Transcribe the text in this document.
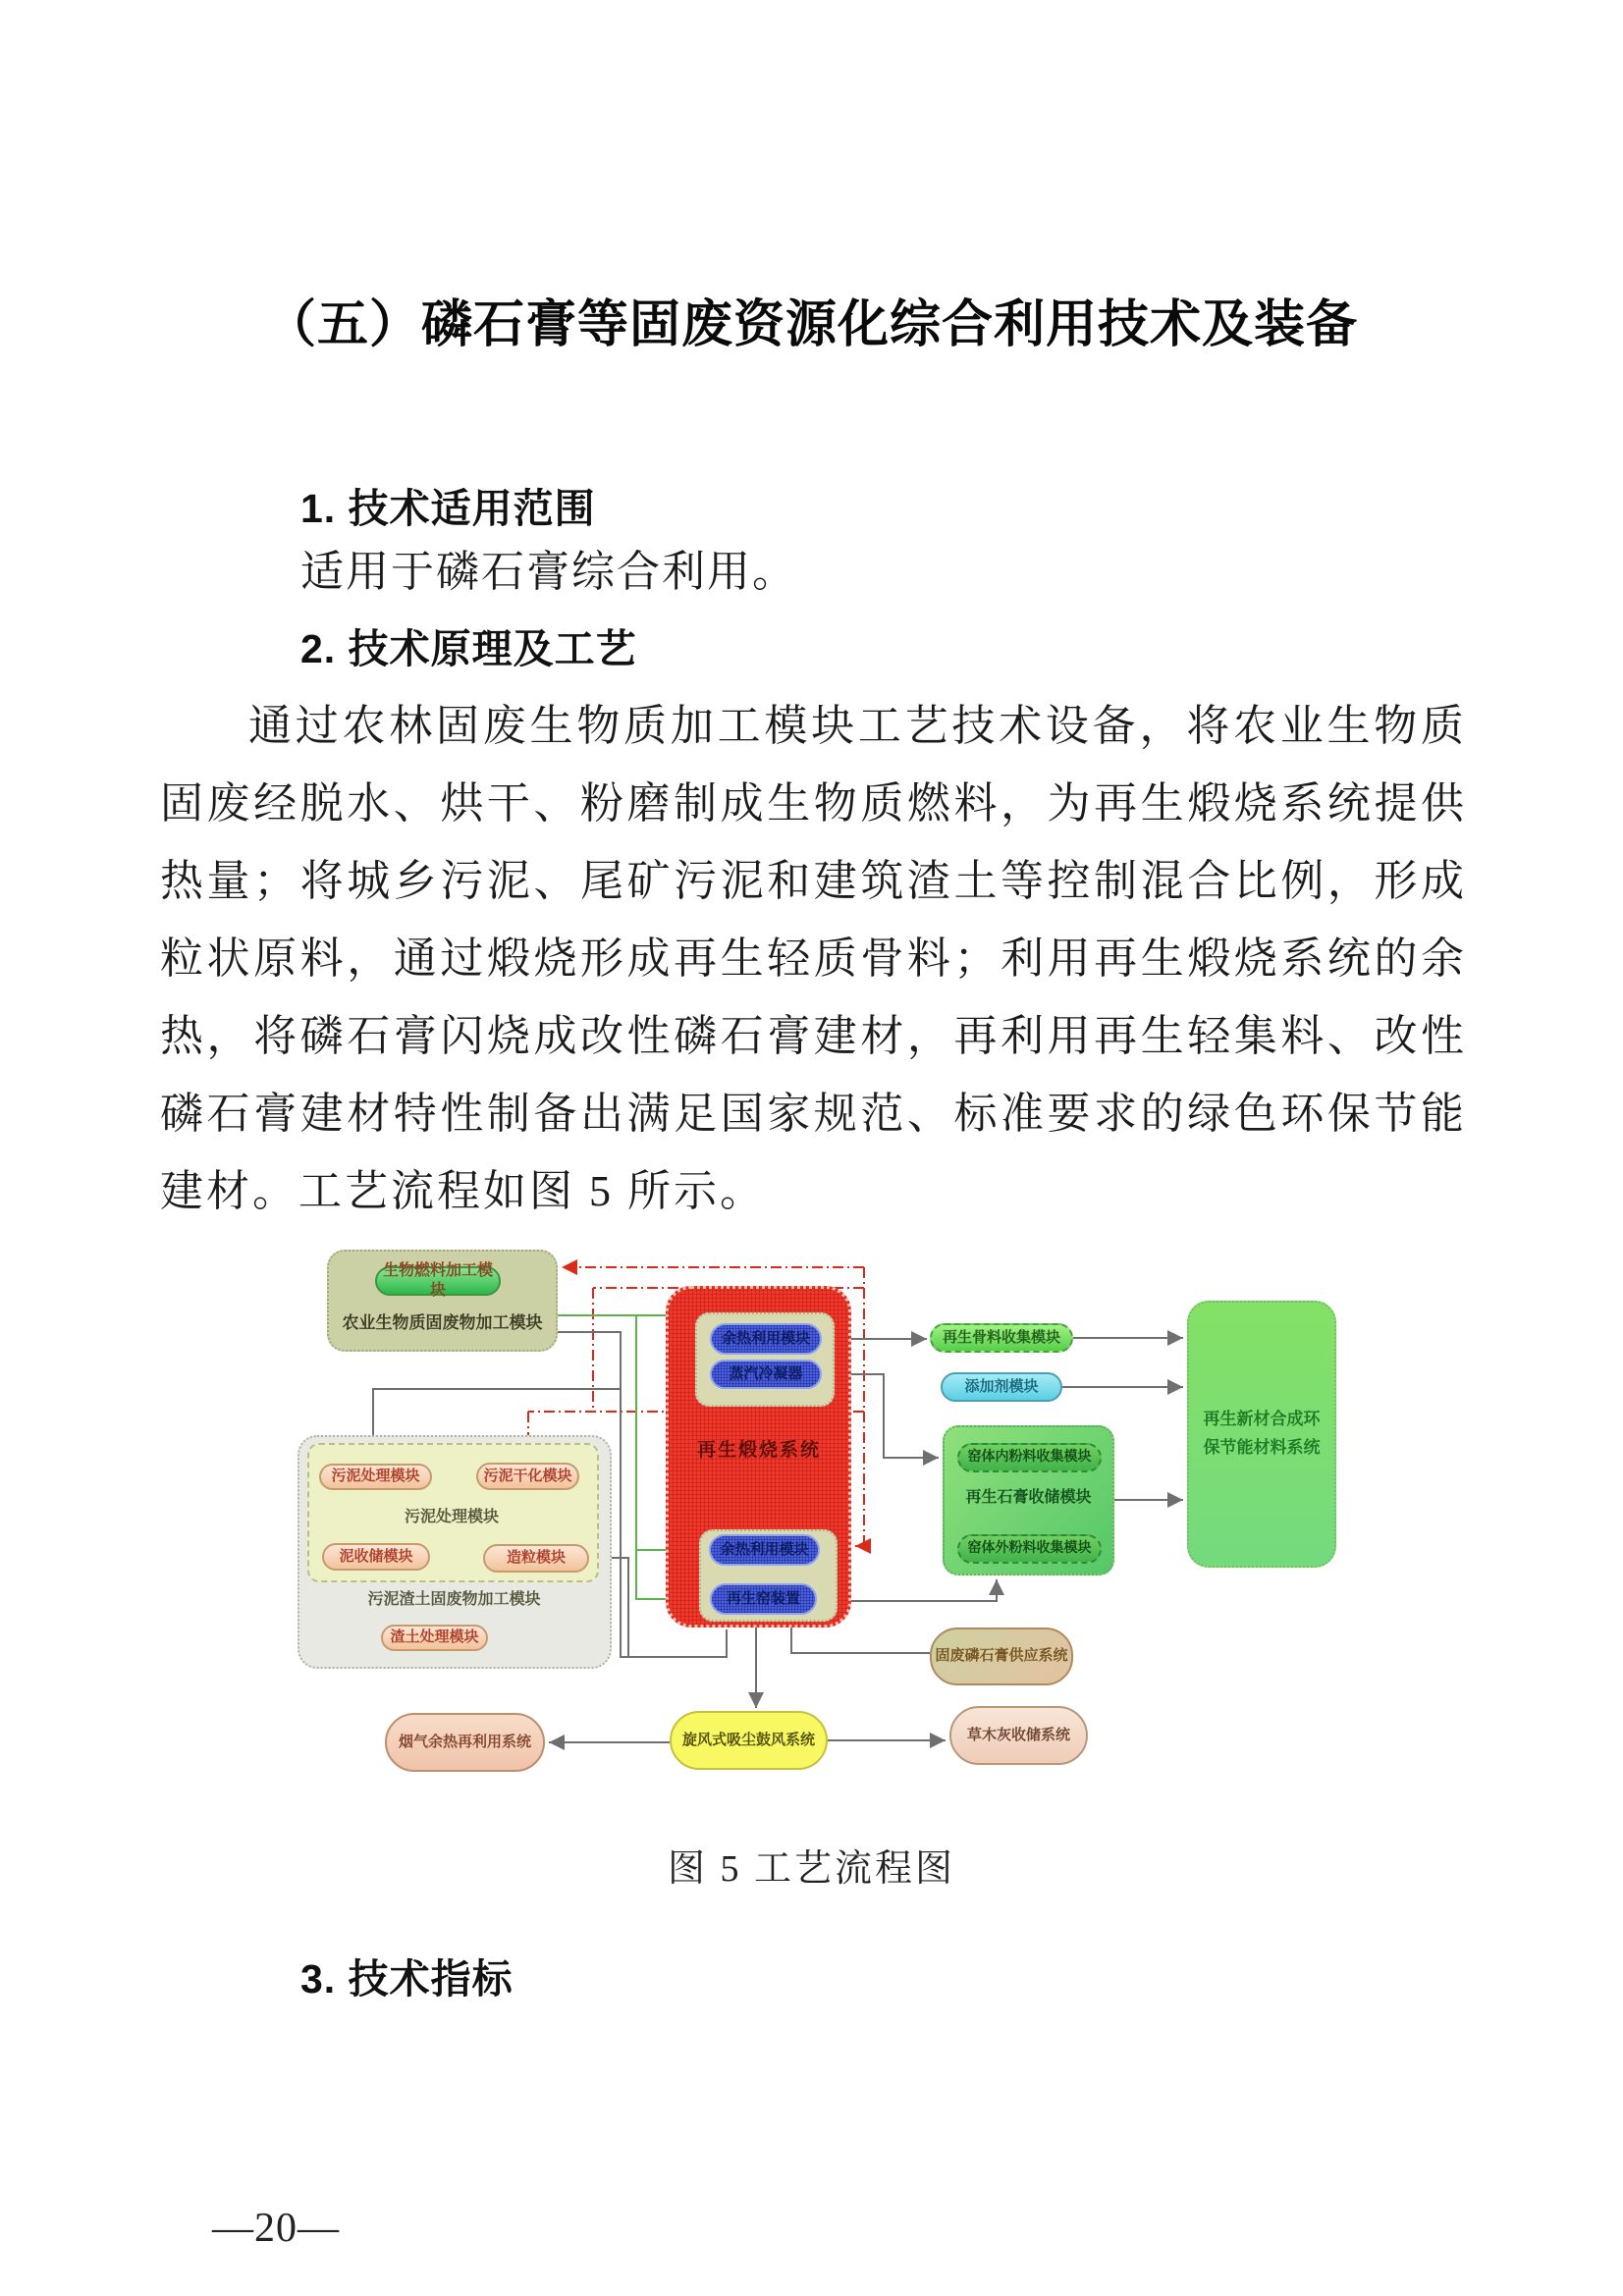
（五）磷石膏等固废资源化综合利用技术及装备
1. 技术适用范围
适用于磷石膏综合利用。
2. 技术原理及工艺
通过农林固废生物质加工模块工艺技术设备，将农业生物质
固废经脱水、烘干、粉磨制成生物质燃料，为再生煅烧系统提供
热量；将城乡污泥、尾矿污泥和建筑渣土等控制混合比例，形成
粒状原料，通过煅烧形成再生轻质骨料；利用再生煅烧系统的余
热，将磷石膏闪烧成改性磷石膏建材，再利用再生轻集料、改性
磷石膏建材特性制备出满足国家规范、标准要求的绿色环保节能
建材。工艺流程如图 5 所示。
生物燃料加工模块
农业生物质固废物加工模块
污泥处理模块	污泥干化模块
污泥处理模块
泥收储模块	造粒模块
污泥渣土固废物加工模块
渣土处理模块
余热利用模块
蒸汽冷凝器
再生煅烧系统
余热利用模块
再生窑装置
再生骨料收集模块
添加剂模块
窑体内粉料收集模块
再生石膏收储模块
窑体外粉料收集模块
再生新材合成环
保节能材料系统
固废磷石膏供应系统
旋风式吸尘鼓风系统	草木灰收储系统
烟气余热再利用系统
图 5 工艺流程图
3. 技术指标
—20—
